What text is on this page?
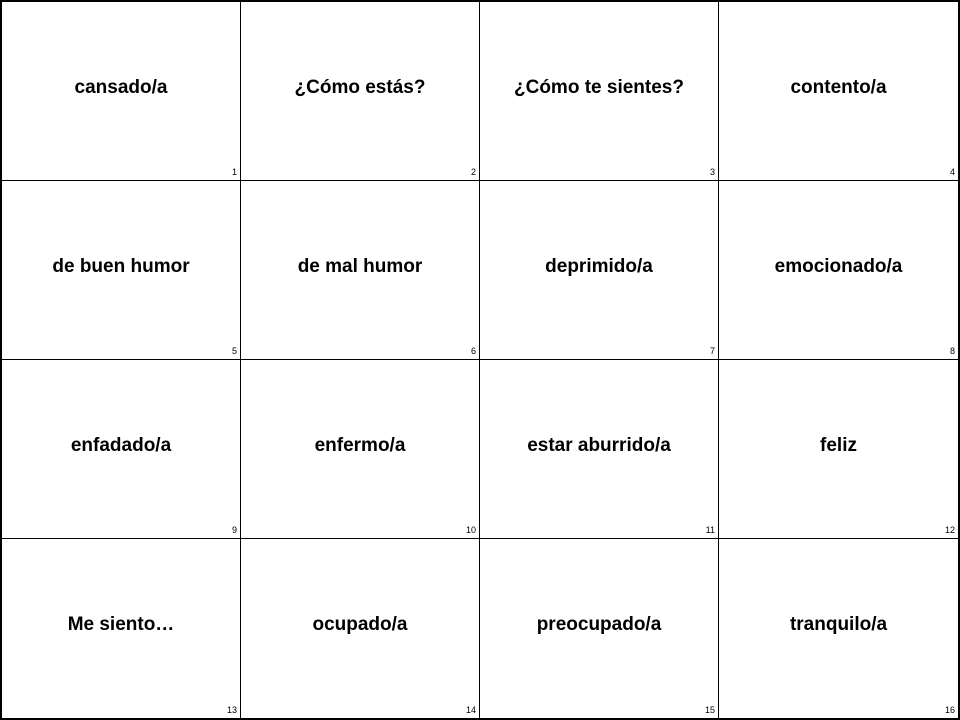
cansado/a
1
¿Cómo estás?
2
¿Cómo te sientes?
3
contento/a
4
de buen humor
5
de mal humor
6
deprimido/a
7
emocionado/a
8
enfadado/a
9
enfermo/a
10
estar aburrido/a
11
feliz
12
Me siento…
13
ocupado/a
14
preocupado/a
15
tranquilo/a
16
